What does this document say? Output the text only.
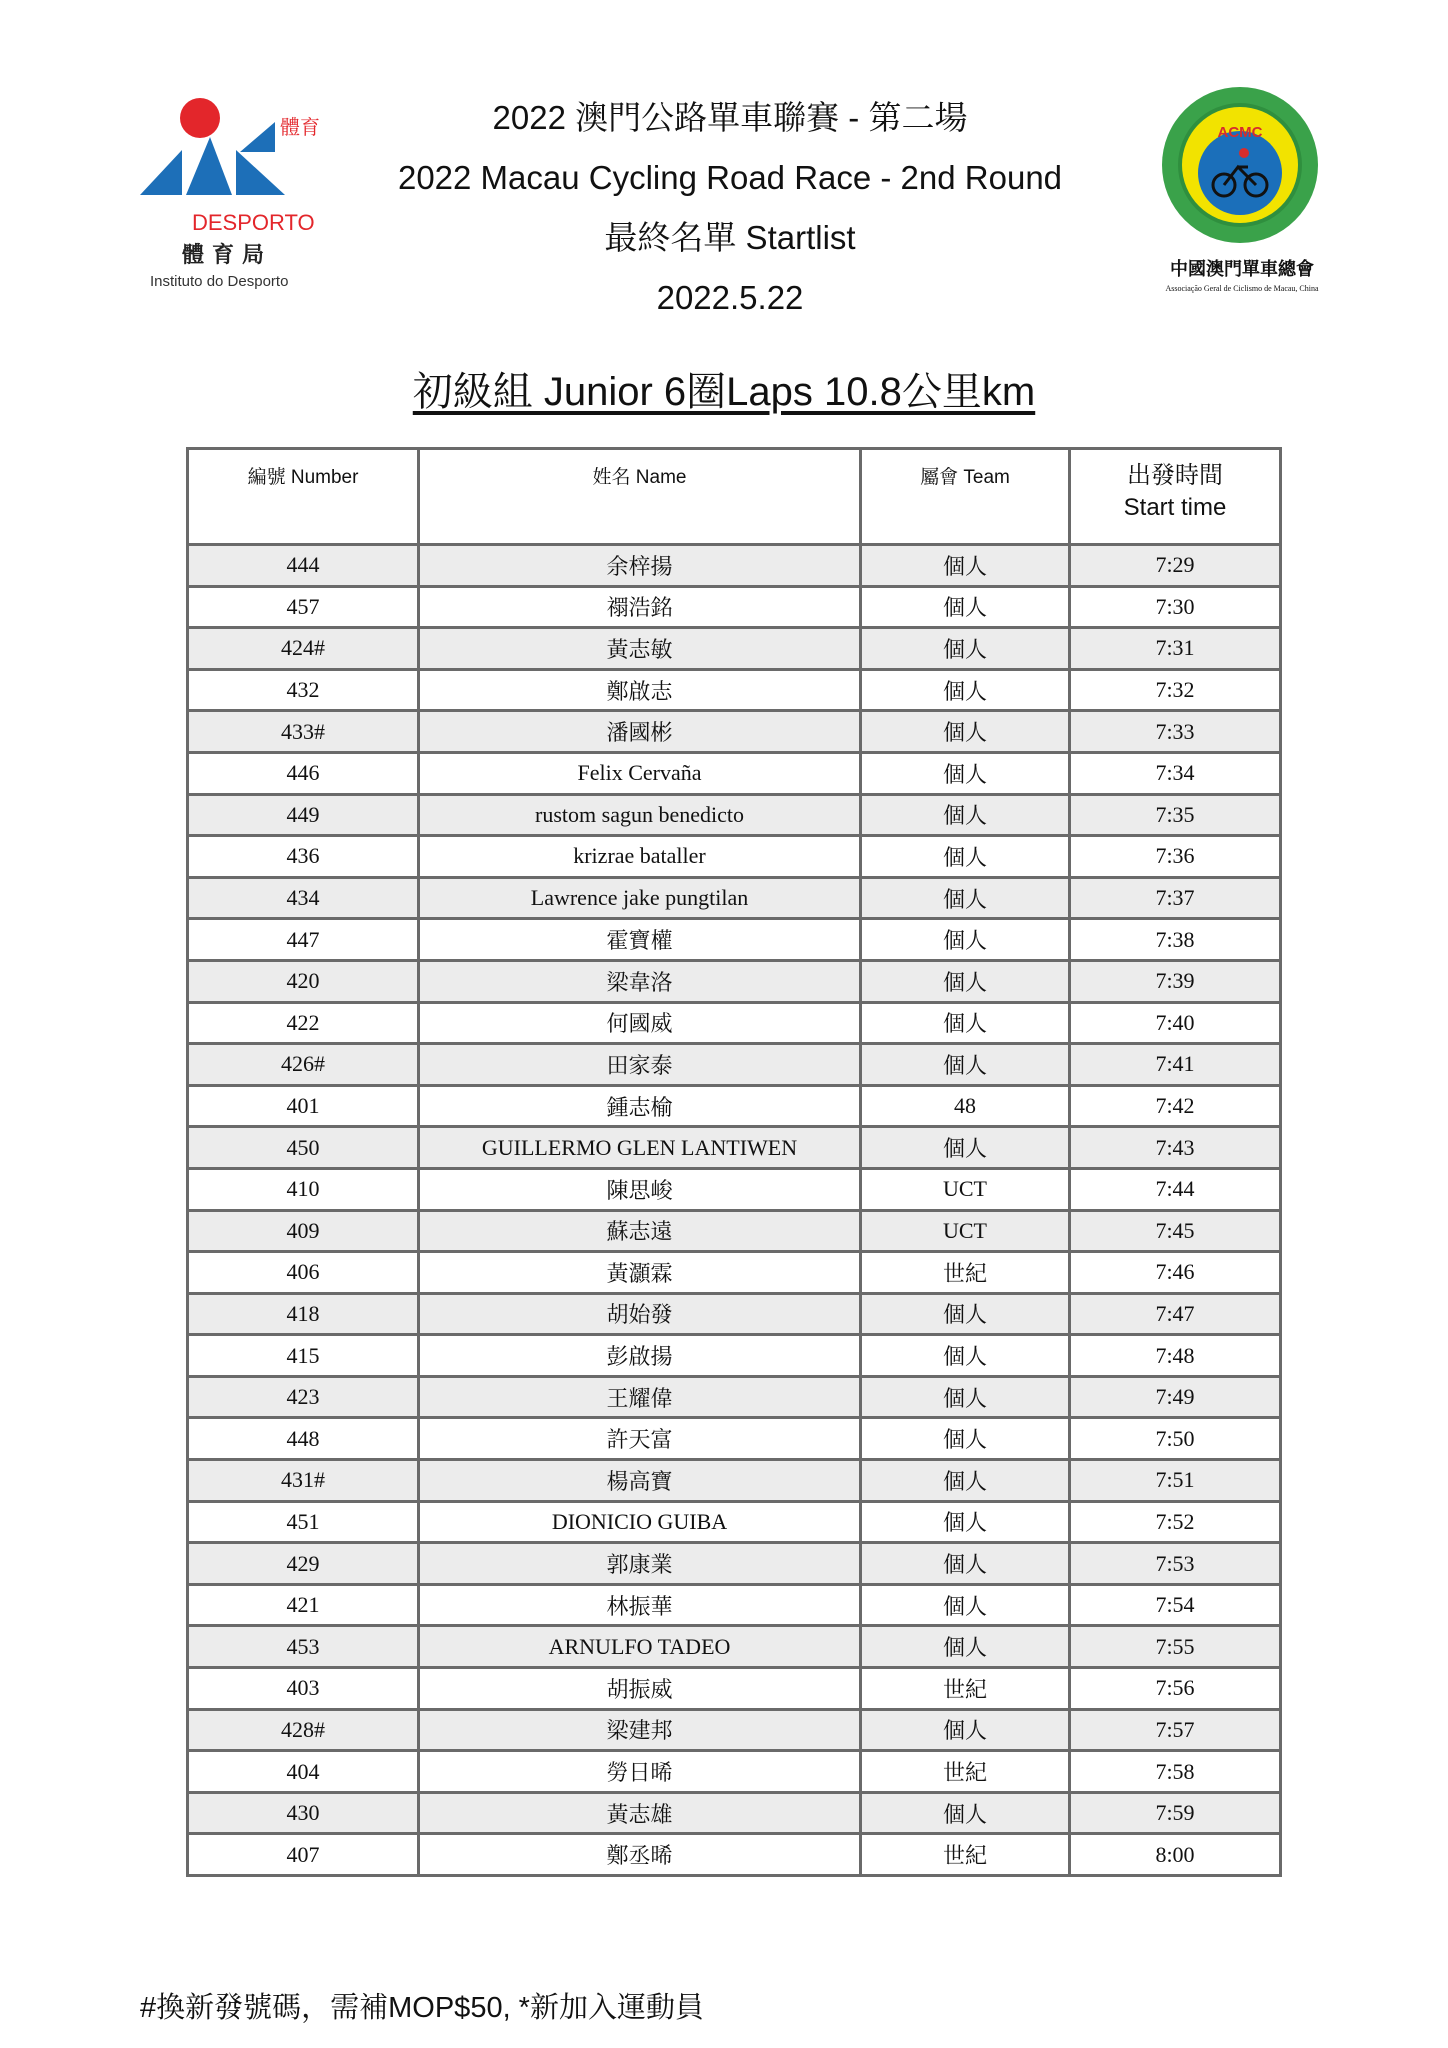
體育
DESPORTO
體育局
Instituto do Desporto
2022 澳門公路單車聯賽 - 第二場
2022 Macau Cycling Road Race - 2nd Round
最終名單 Startlist
2022.5.22
ACMC
中國澳門單車總會
Associação Geral de Ciclismo de Macau, China
初級組 Junior 6圈Laps 10.8公里km
編號 Number	姓名 Name	屬會 Team	出發時間
Start time

444	余梓揚	個人	7:29
457	禤浩銘	個人	7:30
424#	黃志敏	個人	7:31
432	鄭啟志	個人	7:32
433#	潘國彬	個人	7:33
446	Felix Cervaña	個人	7:34
449	rustom sagun benedicto	個人	7:35
436	krizrae bataller	個人	7:36
434	Lawrence jake pungtilan	個人	7:37
447	霍寶權	個人	7:38
420	梁韋洛	個人	7:39
422	何國威	個人	7:40
426#	田家泰	個人	7:41
401	鍾志榆	48	7:42
450	GUILLERMO GLEN LANTIWEN	個人	7:43
410	陳思峻	UCT	7:44
409	蘇志遠	UCT	7:45
406	黃灝霖	世紀	7:46
418	胡始發	個人	7:47
415	彭啟揚	個人	7:48
423	王耀偉	個人	7:49
448	許天富	個人	7:50
431#	楊高寶	個人	7:51
451	DIONICIO GUIBA	個人	7:52
429	郭康業	個人	7:53
421	林振華	個人	7:54
453	ARNULFO TADEO	個人	7:55
403	胡振威	世紀	7:56
428#	梁建邦	個人	7:57
404	勞日晞	世紀	7:58
430	黃志雄	個人	7:59
407	鄭丞晞	世紀	8:00
#換新發號碼，需補MOP$50, *新加入運動員
